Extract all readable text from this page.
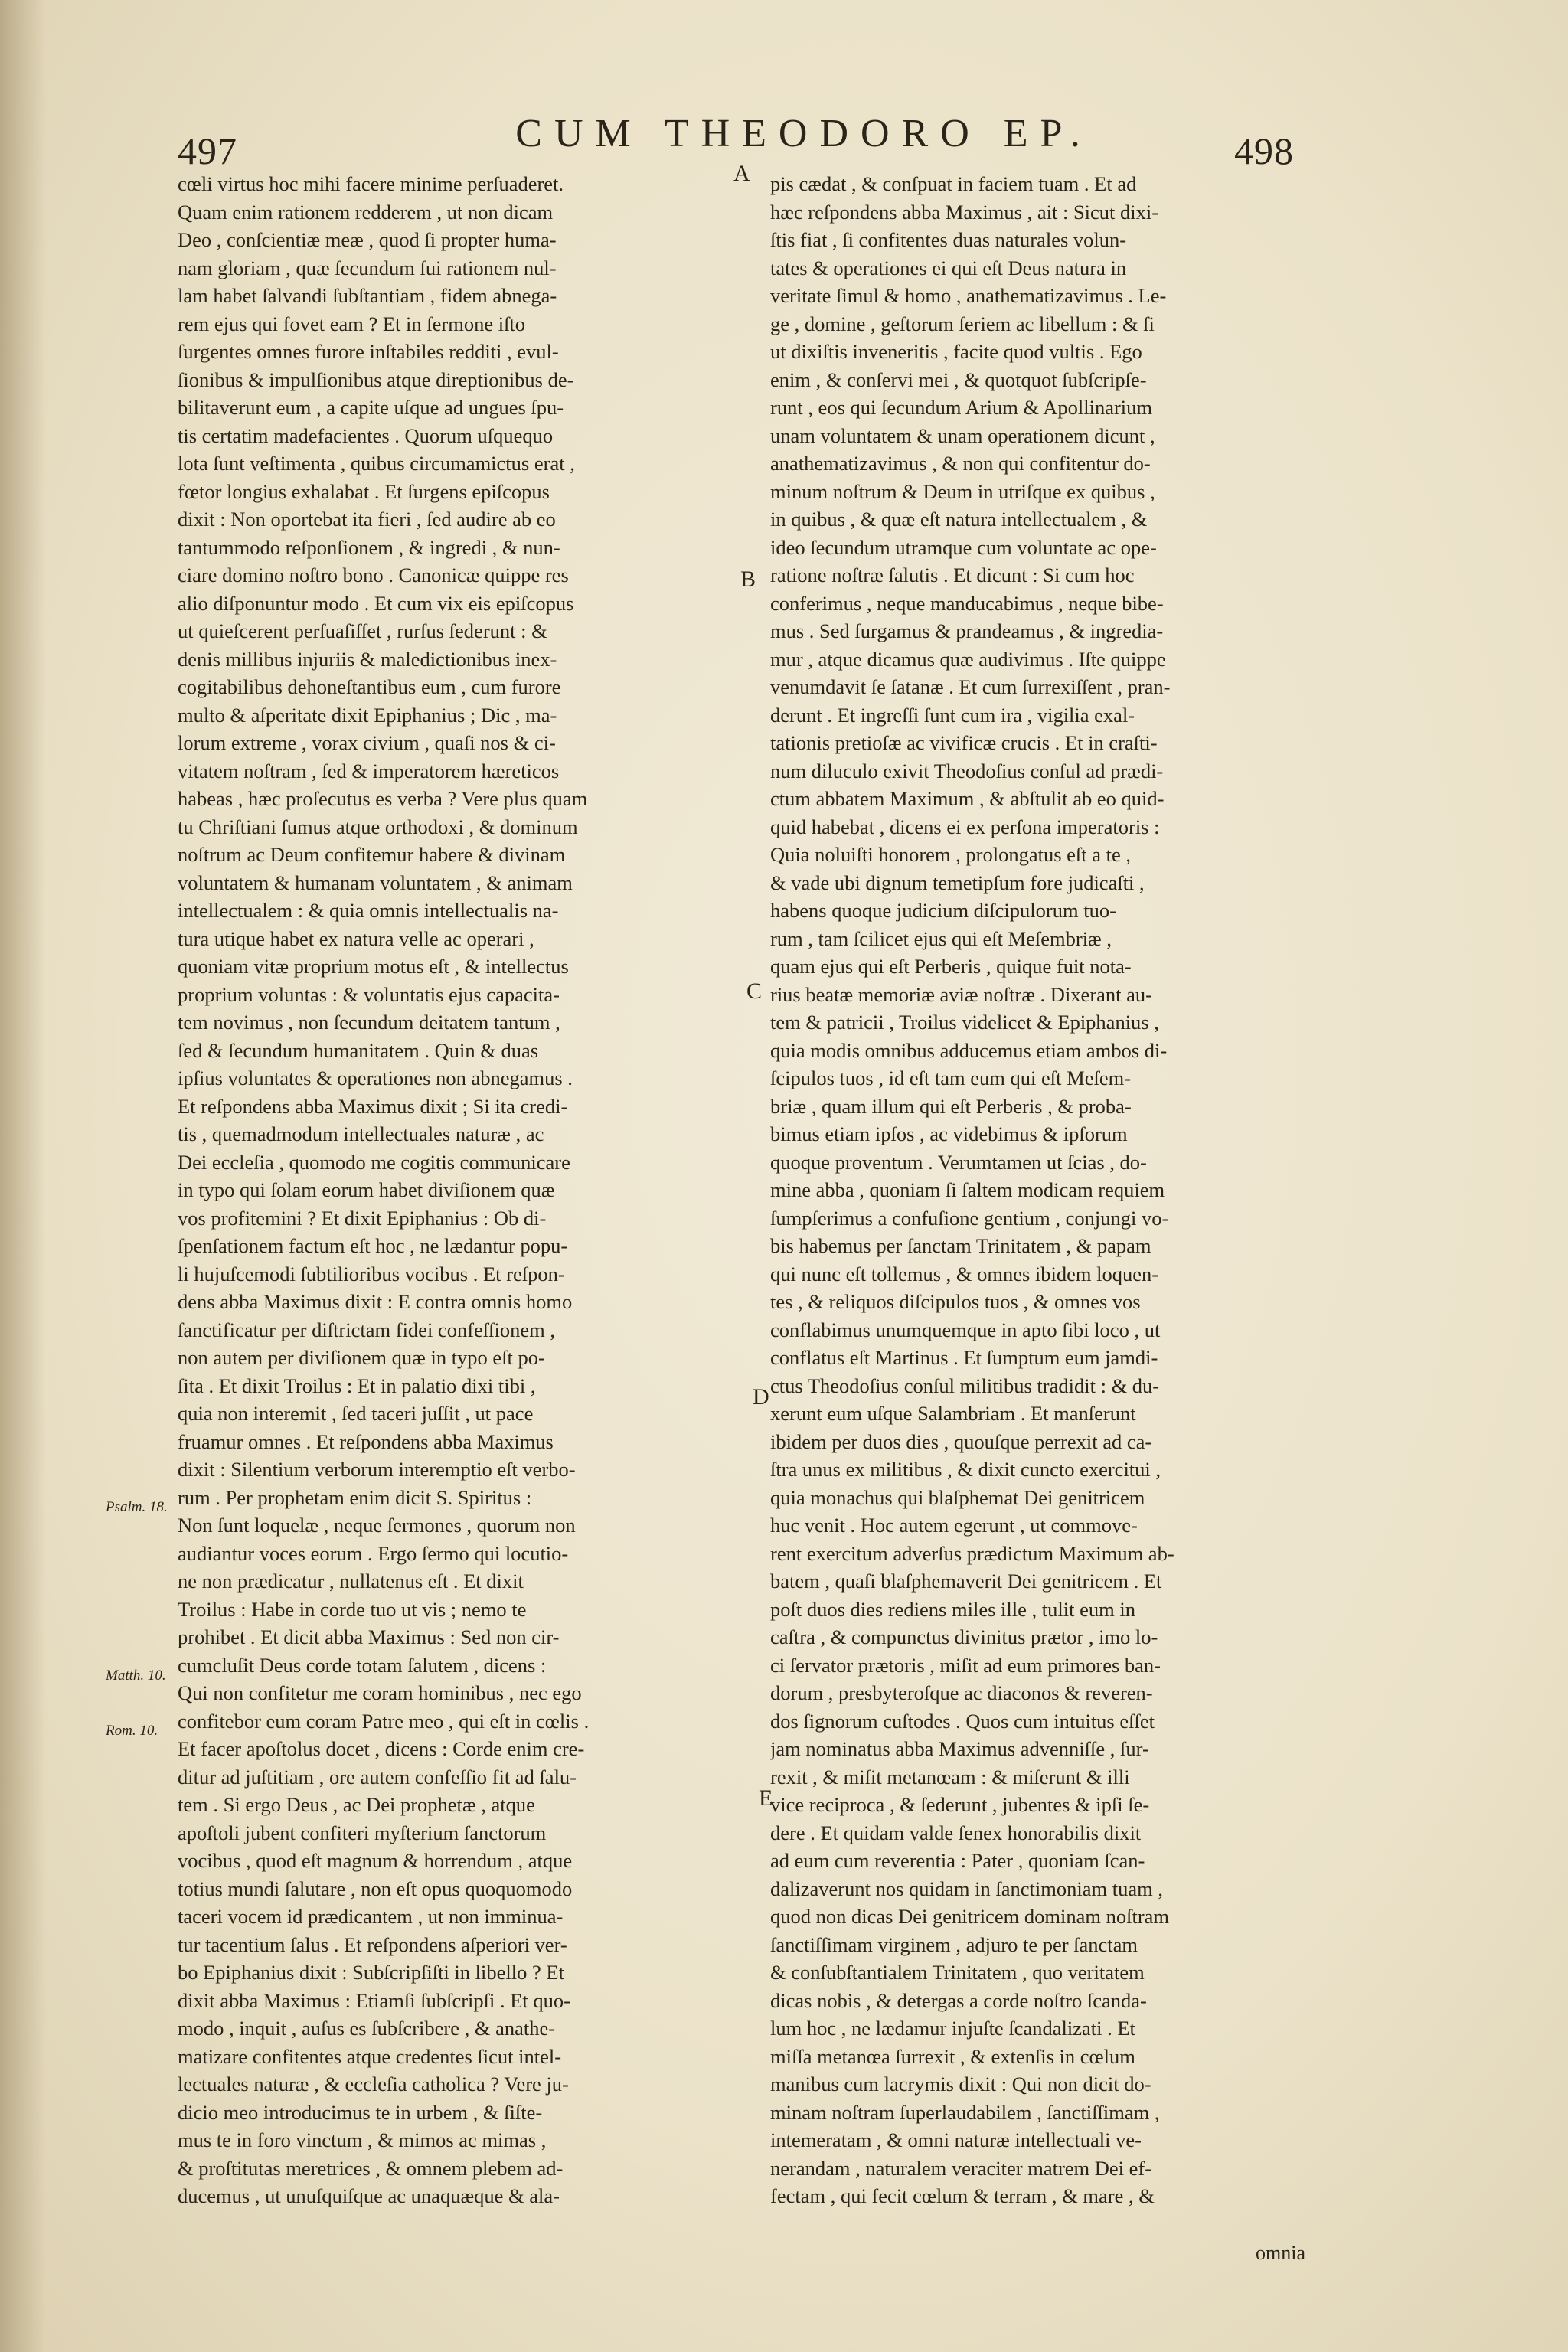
497	CUM THEODORO EP.	498
cœli virtus hoc mihi facere minime perſuaderet.
Quam enim rationem redderem , ut non dicam
Deo , conſcientiæ meæ , quod ſi propter huma-
nam gloriam , quæ ſecundum ſui rationem nul-
lam habet ſalvandi ſubſtantiam , fidem abnega-
rem ejus qui fovet eam ? Et in ſermone iſto
ſurgentes omnes furore inſtabiles redditi , evul-
ſionibus & impulſionibus atque direptionibus de-
bilitaverunt eum , a capite uſque ad ungues ſpu-
tis certatim madefacientes . Quorum uſquequo
lota ſunt veſtimenta , quibus circumamictus erat ,
fœtor longius exhalabat . Et ſurgens epiſcopus
dixit : Non oportebat ita fieri , ſed audire ab eo
tantummodo reſponſionem , & ingredi , & nun-
ciare domino noſtro bono . Canonicæ quippe res
alio diſponuntur modo . Et cum vix eis epiſcopus
ut quieſcerent perſuaſiſſet , rurſus ſederunt : &
denis millibus injuriis & maledictionibus inex-
cogitabilibus dehoneſtantibus eum , cum furore
multo & aſperitate dixit Epiphanius ; Dic , ma-
lorum extreme , vorax civium , quaſi nos & ci-
vitatem noſtram , ſed & imperatorem hæreticos
habeas , hæc proſecutus es verba ? Vere plus quam
tu Chriſtiani ſumus atque orthodoxi , & dominum
noſtrum ac Deum confitemur habere & divinam
voluntatem & humanam voluntatem , & animam
intellectualem : & quia omnis intellectualis na-
tura utique habet ex natura velle ac operari ,
quoniam vitæ proprium motus eſt , & intellectus
proprium voluntas : & voluntatis ejus capacita-
tem novimus , non ſecundum deitatem tantum ,
ſed & ſecundum humanitatem . Quin & duas
ipſius voluntates & operationes non abnegamus .
Et reſpondens abba Maximus dixit ; Si ita credi-
tis , quemadmodum intellectuales naturæ , ac
Dei eccleſia , quomodo me cogitis communicare
in typo qui ſolam eorum habet diviſionem quæ
vos profitemini ? Et dixit Epiphanius : Ob di-
ſpenſationem factum eſt hoc , ne lædantur popu-
li hujuſcemodi ſubtilioribus vocibus . Et reſpon-
dens abba Maximus dixit : E contra omnis homo
ſanctificatur per diſtrictam fidei confeſſionem ,
non autem per diviſionem quæ in typo eſt po-
ſita . Et dixit Troilus : Et in palatio dixi tibi ,
quia non interemit , ſed taceri juſſit , ut pace
fruamur omnes . Et reſpondens abba Maximus
dixit : Silentium verborum interemptio eſt verbo-
rum . Per prophetam enim dicit S. Spiritus :
Non ſunt loquelæ , neque ſermones , quorum non
audiantur voces eorum . Ergo ſermo qui locutio-
ne non prædicatur , nullatenus eſt . Et dixit
Troilus : Habe in corde tuo ut vis ; nemo te
prohibet . Et dicit abba Maximus : Sed non cir-
cumcluſit Deus corde totam ſalutem , dicens :
Qui non confitetur me coram hominibus , nec ego
confitebor eum coram Patre meo , qui eſt in cœlis .
Et facer apoſtolus docet , dicens : Corde enim cre-
ditur ad juſtitiam , ore autem confeſſio fit ad ſalu-
tem . Si ergo Deus , ac Dei prophetæ , atque
apoſtoli jubent confiteri myſterium ſanctorum
vocibus , quod eſt magnum & horrendum , atque
totius mundi ſalutare , non eſt opus quoquomodo
taceri vocem id prædicantem , ut non imminua-
tur tacentium ſalus . Et reſpondens aſperiori ver-
bo Epiphanius dixit : Subſcripſiſti in libello ? Et
dixit abba Maximus : Etiamſi ſubſcripſi . Et quo-
modo , inquit , auſus es ſubſcribere , & anathe-
matizare confitentes atque credentes ſicut intel-
lectuales naturæ , & eccleſia catholica ? Vere ju-
dicio meo introducimus te in urbem , & ſiſte-
mus te in foro vinctum , & mimos ac mimas ,
& proſtitutas meretrices , & omnem plebem ad-
ducemus , ut unuſquiſque ac unaquæque & ala-
pis cædat , & conſpuat in faciem tuam . Et ad
hæc reſpondens abba Maximus , ait : Sicut dixi-
ſtis fiat , ſi confitentes duas naturales volun-
tates & operationes ei qui eſt Deus natura in
veritate ſimul & homo , anathematizavimus . Le-
ge , domine , geſtorum ſeriem ac libellum : & ſi
ut dixiſtis inveneritis , facite quod vultis . Ego
enim , & conſervi mei , & quotquot ſubſcripſe-
runt , eos qui ſecundum Arium & Apollinarium
unam voluntatem & unam operationem dicunt ,
anathematizavimus , & non qui confitentur do-
minum noſtrum & Deum in utriſque ex quibus ,
in quibus , & quæ eſt natura intellectualem , &
ideo ſecundum utramque cum voluntate ac ope-
ratione noſtræ ſalutis . Et dicunt : Si cum hoc
conferimus , neque manducabimus , neque bibe-
mus . Sed ſurgamus & prandeamus , & ingredia-
mur , atque dicamus quæ audivimus . Iſte quippe
venumdavit ſe ſatanæ . Et cum ſurrexiſſent , pran-
derunt . Et ingreſſi ſunt cum ira , vigilia exal-
tationis pretioſæ ac vivificæ crucis . Et in craſti-
num diluculo exivit Theodoſius conſul ad prædi-
ctum abbatem Maximum , & abſtulit ab eo quid-
quid habebat , dicens ei ex perſona imperatoris :
Quia noluiſti honorem , prolongatus eſt a te ,
& vade ubi dignum temetipſum fore judicaſti ,
habens quoque judicium diſcipulorum tuo-
rum , tam ſcilicet ejus qui eſt Meſembriæ ,
quam ejus qui eſt Perberis , quique fuit nota-
rius beatæ memoriæ aviæ noſtræ . Dixerant au-
tem & patricii , Troilus videlicet & Epiphanius ,
quia modis omnibus adducemus etiam ambos di-
ſcipulos tuos , id eſt tam eum qui eſt Meſem-
briæ , quam illum qui eſt Perberis , & proba-
bimus etiam ipſos , ac videbimus & ipſorum
quoque proventum . Verumtamen ut ſcias , do-
mine abba , quoniam ſi ſaltem modicam requiem
ſumpſerimus a confuſione gentium , conjungi vo-
bis habemus per ſanctam Trinitatem , & papam
qui nunc eſt tollemus , & omnes ibidem loquen-
tes , & reliquos diſcipulos tuos , & omnes vos
conflabimus unumquemque in apto ſibi loco , ut
conflatus eſt Martinus . Et ſumptum eum jamdi-
ctus Theodoſius conſul militibus tradidit : & du-
xerunt eum uſque Salambriam . Et manſerunt
ibidem per duos dies , quouſque perrexit ad ca-
ſtra unus ex militibus , & dixit cuncto exercitui ,
quia monachus qui blaſphemat Dei genitricem
huc venit . Hoc autem egerunt , ut commove-
rent exercitum adverſus prædictum Maximum ab-
batem , quaſi blaſphemaverit Dei genitricem . Et
poſt duos dies rediens miles ille , tulit eum in
caſtra , & compunctus divinitus prætor , imo lo-
ci ſervator prætoris , miſit ad eum primores ban-
dorum , presbyteroſque ac diaconos & reveren-
dos ſignorum cuſtodes . Quos cum intuitus eſſet
jam nominatus abba Maximus advenniſſe , ſur-
rexit , & miſit metanœam : & miſerunt & illi
vice reciproca , & ſederunt , jubentes & ipſi ſe-
dere . Et quidam valde ſenex honorabilis dixit
ad eum cum reverentia : Pater , quoniam ſcan-
dalizaverunt nos quidam in ſanctimoniam tuam ,
quod non dicas Dei genitricem dominam noſtram
ſanctiſſimam virginem , adjuro te per ſanctam
& conſubſtantialem Trinitatem , quo veritatem
dicas nobis , & detergas a corde noſtro ſcanda-
lum hoc , ne lædamur injuſte ſcandalizati . Et
miſſa metanœa ſurrexit , & extenſis in cœlum
manibus cum lacrymis dixit : Qui non dicit do-
minam noſtram ſuperlaudabilem , ſanctiſſimam ,
intemeratam , & omni naturæ intellectuali ve-
nerandam , naturalem veraciter matrem Dei ef-
fectam , qui fecit cœlum & terram , & mare , &
A
B
C
D
E
Psalm. 18.
Matth. 10.
Rom. 10.
omnia
